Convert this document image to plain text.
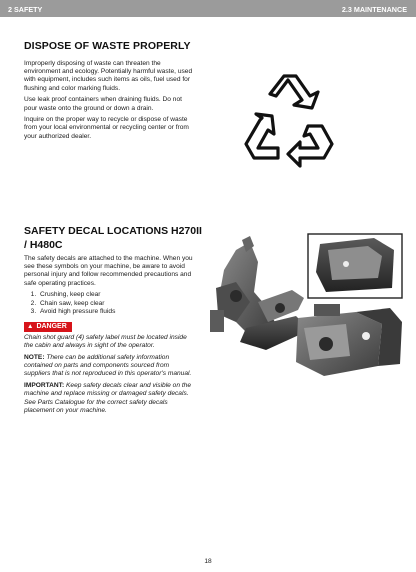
2 SAFETY	2.3 MAINTENANCE
DISPOSE OF WASTE PROPERLY

Improperly disposing of waste can threaten the environment and ecology. Potentially harmful waste, used with equipment, includes such items as oils, fuel used for flushing and color marking fluids.

Use leak proof containers when draining fluids. Do not pour waste onto the ground or down a drain.

Inquire on the proper way to recycle or dispose of waste from your local environmental or recycling center or from your authorized dealer.

SAFETY DECAL LOCATIONS H270II / H480C

The safety decals are attached to the machine. When you see these symbols on your machine, be aware to avoid personal injury and follow recommended precautions and safe operating practices.

1. Crushing, keep clear
2. Chain saw, keep clear
3. Avoid high pressure fluids
▲ DANGER

Chain shot guard (4) safety label must be located inside the cabin and always in sight of the operator.

NOTE: There can be additional safety information contained on parts and components sourced from suppliers that is not reproduced in this operator's manual.

IMPORTANT: Keep safety decals clear and visible on the machine and replace missing or damaged safety decals. See Parts Catalogue for the correct safety decals placement on your machine.

18
